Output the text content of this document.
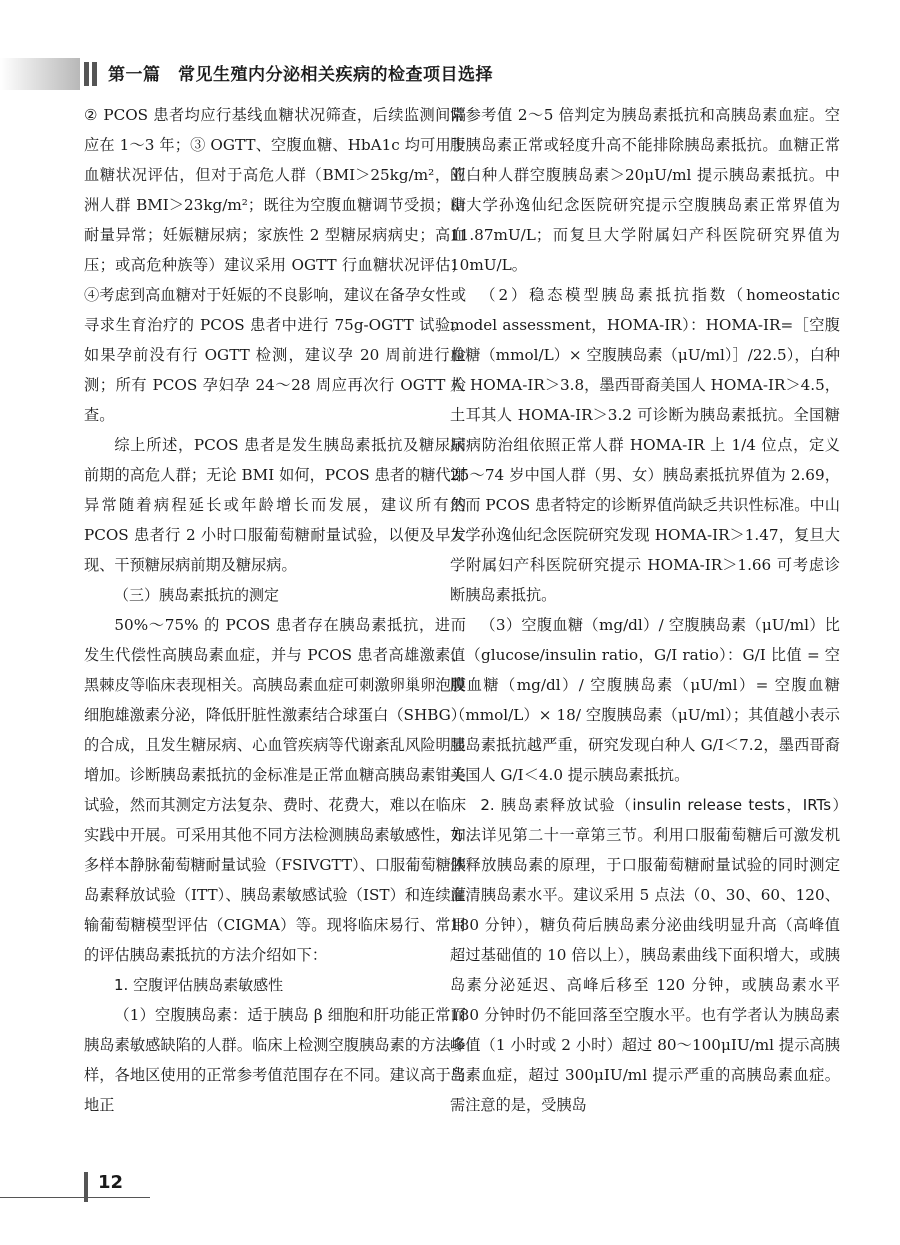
第一篇　常见生殖内分泌相关疾病的检查项目选择

② PCOS 患者均应行基线血糖状况筛查，后续监测间隔应在 1～3 年；③ OGTT、空腹血糖、HbA1c 均可用于血糖状况评估，但对于高危人群（BMI＞25kg/m²，亚洲人群 BMI＞23kg/m²；既往为空腹血糖调节受损；糖耐量异常；妊娠糖尿病；家族性 2 型糖尿病病史；高血压；或高危种族等）建议采用 OGTT 行血糖状况评估；④考虑到高血糖对于妊娠的不良影响，建议在备孕女性或寻求生育治疗的 PCOS 患者中进行 75g-OGTT 试验。如果孕前没有行 OGTT 检测，建议孕 20 周前进行检测；所有 PCOS 孕妇孕 24～28 周应再次行 OGTT 检查。

综上所述，PCOS 患者是发生胰岛素抵抗及糖尿病前期的高危人群；无论 BMI 如何，PCOS 患者的糖代谢异常随着病程延长或年龄增长而发展，建议所有的 PCOS 患者行 2 小时口服葡萄糖耐量试验，以便及早发现、干预糖尿病前期及糖尿病。

（三）胰岛素抵抗的测定

50%～75% 的 PCOS 患者存在胰岛素抵抗，进而发生代偿性高胰岛素血症，并与 PCOS 患者高雄激素、黑棘皮等临床表现相关。高胰岛素血症可刺激卵巢卵泡膜细胞雄激素分泌，降低肝脏性激素结合球蛋白（SHBG）的合成，且发生糖尿病、心血管疾病等代谢紊乱风险明显增加。诊断胰岛素抵抗的金标准是正常血糖高胰岛素钳夹试验，然而其测定方法复杂、费时、花费大，难以在临床实践中开展。可采用其他不同方法检测胰岛素敏感性，如多样本静脉葡萄糖耐量试验（FSIVGTT）、口服葡萄糖胰岛素释放试验（ITT）、胰岛素敏感试验（IST）和连续灌输葡萄糖模型评估（CIGMA）等。现将临床易行、常用的评估胰岛素抵抗的方法介绍如下：

1. 空腹评估胰岛素敏感性

（1）空腹胰岛素：适于胰岛 β 细胞和肝功能正常而胰岛素敏感缺陷的人群。临床上检测空腹胰岛素的方法多样，各地区使用的正常参考值范围存在不同。建议高于当地正

常参考值 2～5 倍判定为胰岛素抵抗和高胰岛素血症。空腹胰岛素正常或轻度升高不能排除胰岛素抵抗。血糖正常的白种人群空腹胰岛素＞20μU/ml 提示胰岛素抵抗。中山大学孙逸仙纪念医院研究提示空腹胰岛素正常界值为 11.87mU/L；而复旦大学附属妇产科医院研究界值为 10mU/L。

（2）稳态模型胰岛素抵抗指数（homeostatic model assessment，HOMA-IR）：HOMA-IR=［空腹血糖（mmol/L）× 空腹胰岛素（μU/ml）］/22.5），白种人 HOMA-IR＞3.8，墨西哥裔美国人 HOMA-IR＞4.5，土耳其人 HOMA-IR＞3.2 可诊断为胰岛素抵抗。全国糖尿病防治组依照正常人群 HOMA-IR 上 1/4 位点，定义 25～74 岁中国人群（男、女）胰岛素抵抗界值为 2.69，然而 PCOS 患者特定的诊断界值尚缺乏共识性标准。中山大学孙逸仙纪念医院研究发现 HOMA-IR＞1.47，复旦大学附属妇产科医院研究提示 HOMA-IR＞1.66 可考虑诊断胰岛素抵抗。

（3）空腹血糖（mg/dl）/ 空腹胰岛素（μU/ml）比值（glucose/insulin ratio，G/I ratio）：G/I 比值 = 空腹血糖（mg/dl）/ 空腹胰岛素（μU/ml）= 空腹血糖（mmol/L）× 18/ 空腹胰岛素（μU/ml）；其值越小表示胰岛素抵抗越严重，研究发现白种人 G/I＜7.2，墨西哥裔美国人 G/I＜4.0 提示胰岛素抵抗。

2. 胰岛素释放试验（insulin release tests，IRTs）　方法详见第二十一章第三节。利用口服葡萄糖后可激发机体释放胰岛素的原理，于口服葡萄糖耐量试验的同时测定血清胰岛素水平。建议采用 5 点法（0、30、60、120、180 分钟），糖负荷后胰岛素分泌曲线明显升高（高峰值超过基础值的 10 倍以上），胰岛素曲线下面积增大，或胰岛素分泌延迟、高峰后移至 120 分钟，或胰岛素水平 180 分钟时仍不能回落至空腹水平。也有学者认为胰岛素峰值（1 小时或 2 小时）超过 80～100μIU/ml 提示高胰岛素血症，超过 300μIU/ml 提示严重的高胰岛素血症。需注意的是，受胰岛

12
